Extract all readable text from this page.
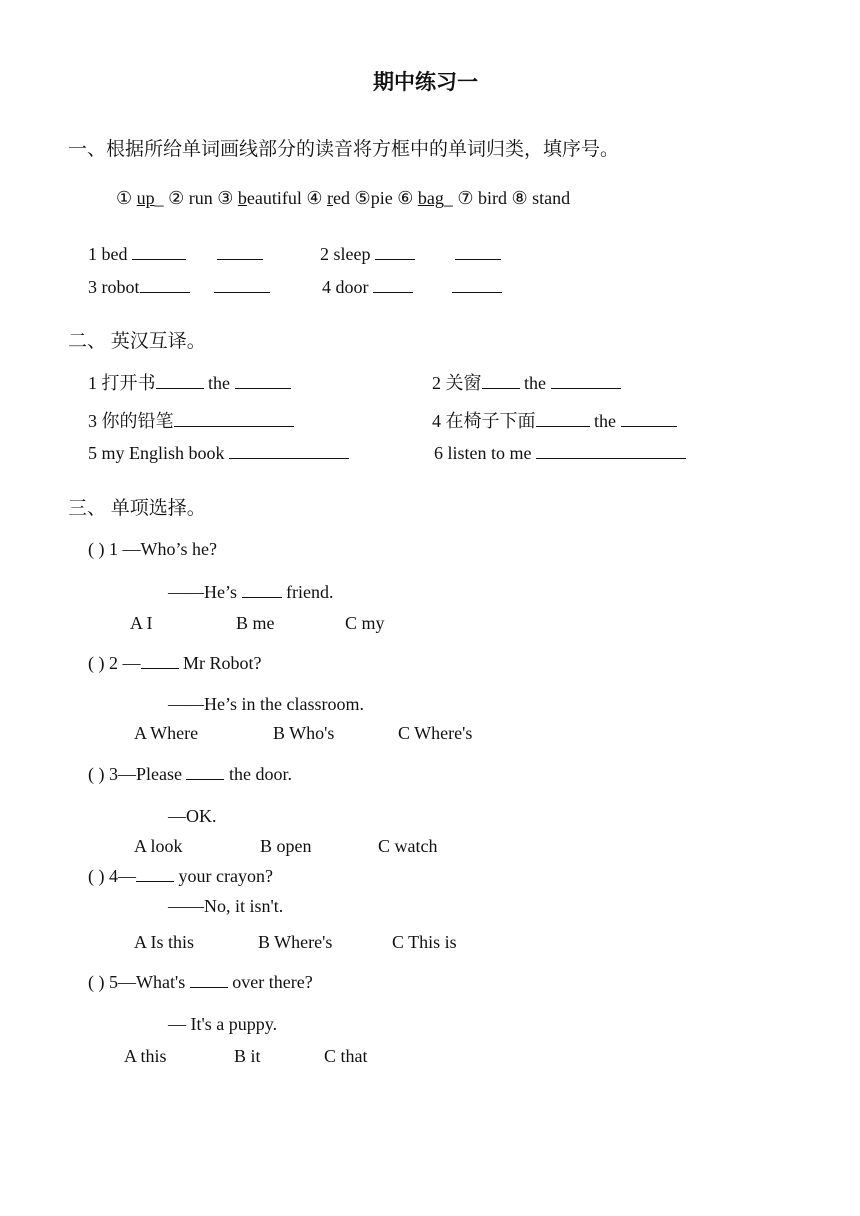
期中练习一
一、根据所给单词画线部分的读音将方框中的单词归类，填序号。
① up_ ② run ③ beautiful ④ red ⑤pie ⑥ bag_ ⑦ bird ⑧ stand
1 bed	2 sleep
3 robot	4 door
二、 英汉互译。
1 打开书	the	2 关窗 the
3 你的铅笔	4 在椅子下面	the
5 my English book	6 listen to me
三、 单项选择。
( ) 1 —Who’s he?
——He’s	friend.
A I	B me	C my
( ) 2 — Mr Robot?
——He’s in the classroom.
A Where	B Who's	C Where's
( ) 3—Please	the door.
—OK.
A look	B open	C watch
( ) 4— your crayon?
——No, it isn't.
A Is this	B Where's	C This is
( ) 5—What's	over there?
— It's a puppy.
A this	B it	C that
